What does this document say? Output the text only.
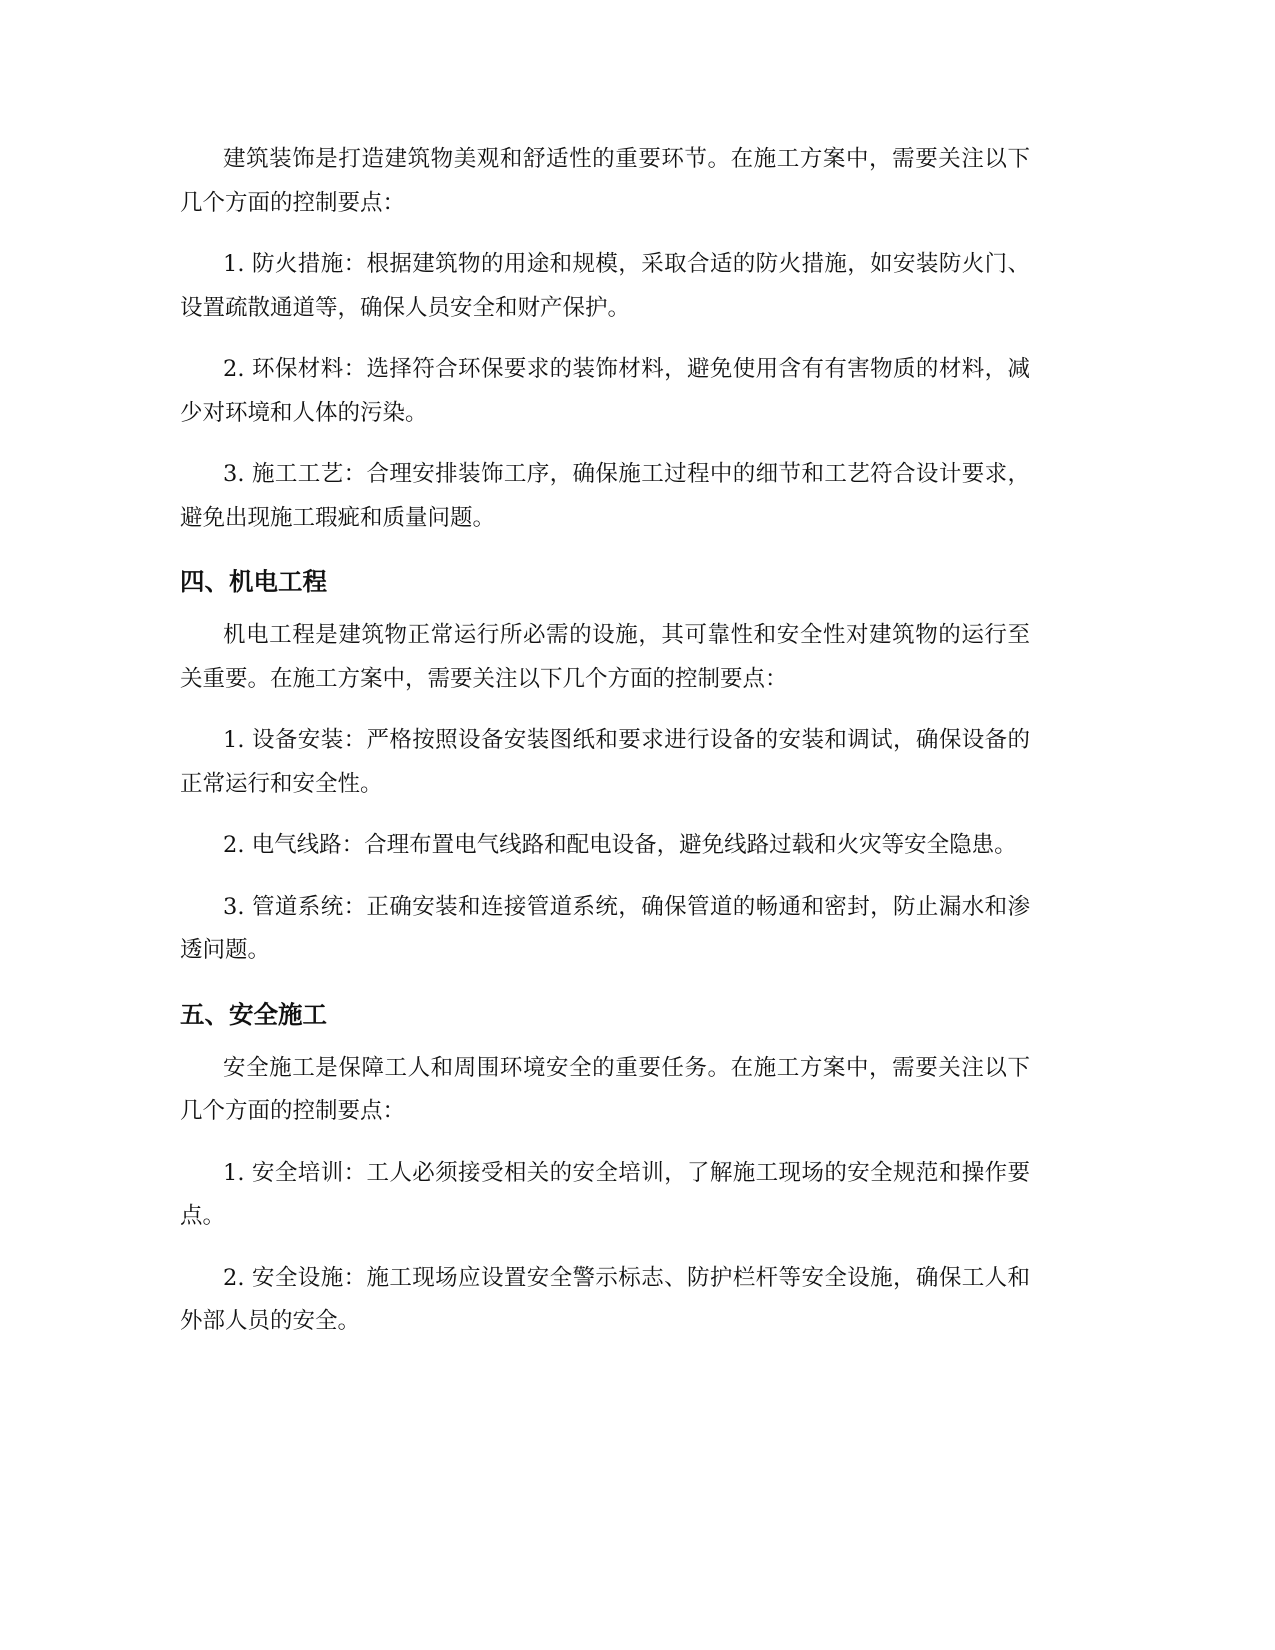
建筑装饰是打造建筑物美观和舒适性的重要环节。在施工方案中，需要关注以下几个方面的控制要点：

1. 防火措施：根据建筑物的用途和规模，采取合适的防火措施，如安装防火门、设置疏散通道等，确保人员安全和财产保护。

2. 环保材料：选择符合环保要求的装饰材料，避免使用含有有害物质的材料，减少对环境和人体的污染。

3. 施工工艺：合理安排装饰工序，确保施工过程中的细节和工艺符合设计要求，避免出现施工瑕疵和质量问题。

四、机电工程

机电工程是建筑物正常运行所必需的设施，其可靠性和安全性对建筑物的运行至关重要。在施工方案中，需要关注以下几个方面的控制要点：

1. 设备安装：严格按照设备安装图纸和要求进行设备的安装和调试，确保设备的正常运行和安全性。

2. 电气线路：合理布置电气线路和配电设备，避免线路过载和火灾等安全隐患。

3. 管道系统：正确安装和连接管道系统，确保管道的畅通和密封，防止漏水和渗透问题。

五、安全施工

安全施工是保障工人和周围环境安全的重要任务。在施工方案中，需要关注以下几个方面的控制要点：

1. 安全培训：工人必须接受相关的安全培训，了解施工现场的安全规范和操作要点。

2. 安全设施：施工现场应设置安全警示标志、防护栏杆等安全设施，确保工人和外部人员的安全。
